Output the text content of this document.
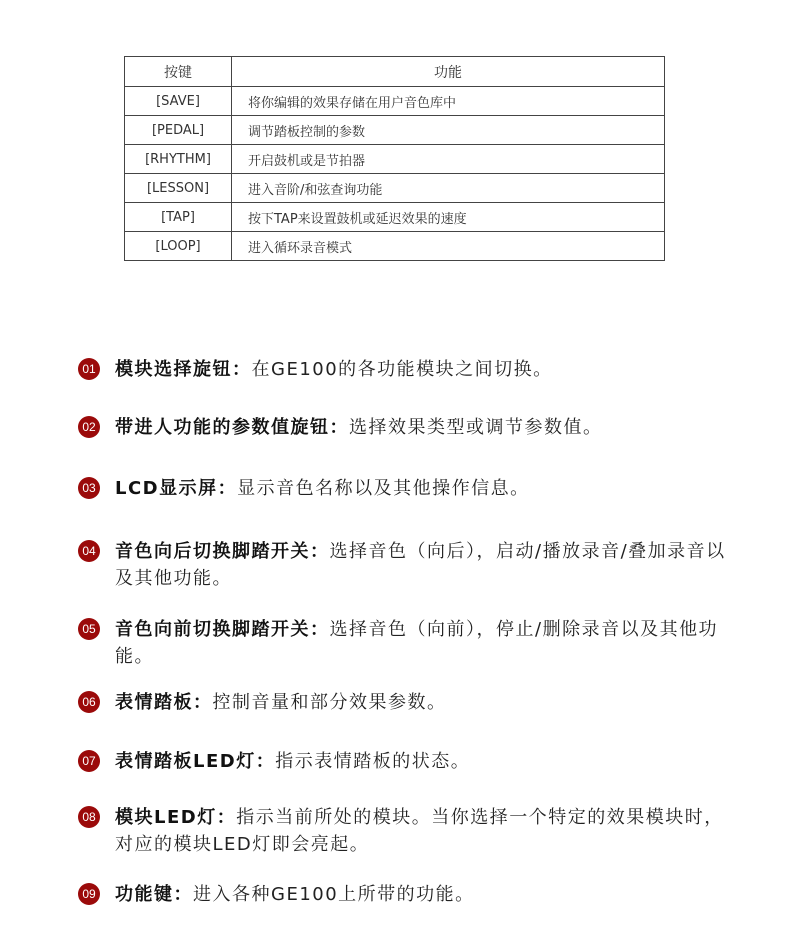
按键	功能
[SAVE]	将你编辑的效果存储在用户音色库中
[PEDAL]	调节踏板控制的参数
[RHYTHM]	开启鼓机或是节拍器
[LESSON]	进入音阶/和弦查询功能
[TAP]	按下TAP来设置鼓机或延迟效果的速度
[LOOP]	进入循环录音模式
01 模块选择旋钮：在GE100的各功能模块之间切换。
02 带进人功能的参数值旋钮：选择效果类型或调节参数值。
03 LCD显示屏：显示音色名称以及其他操作信息。
04 音色向后切换脚踏开关：选择音色（向后），启动/播放录音/叠加录音以及其他功能。
05 音色向前切换脚踏开关：选择音色（向前），停止/删除录音以及其他功能。
06 表情踏板：控制音量和部分效果参数。
07 表情踏板LED灯：指示表情踏板的状态。
08 模块LED灯：指示当前所处的模块。当你选择一个特定的效果模块时，对应的模块LED灯即会亮起。
09 功能键：进入各种GE100上所带的功能。
